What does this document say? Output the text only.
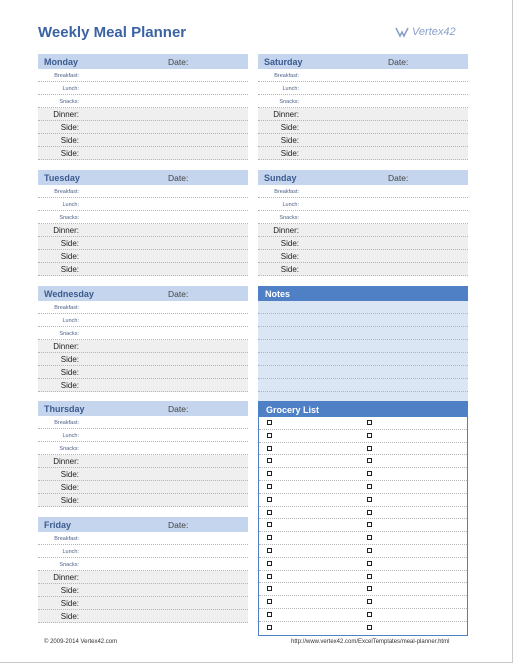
Weekly Meal Planner	Vertex42
Monday	Date:
Breakfast:
Lunch:
Snacks:
Dinner:
Side:
Side:
Side:
Saturday	Date:
Breakfast:
Lunch:
Snacks:
Dinner:
Side:
Side:
Side:
Tuesday	Date:
Breakfast:
Lunch:
Snacks:
Dinner:
Side:
Side:
Side:
Sunday	Date:
Breakfast:
Lunch:
Snacks:
Dinner:
Side:
Side:
Side:
Wednesday	Date:
Breakfast:
Lunch:
Snacks:
Dinner:
Side:
Side:
Side:
Notes
Thursday	Date:
Breakfast:
Lunch:
Snacks:
Dinner:
Side:
Side:
Side:
Grocery List
Friday	Date:
Breakfast:
Lunch:
Snacks:
Dinner:
Side:
Side:
Side:
© 2009-2014 Vertex42.com	http://www.vertex42.com/ExcelTemplates/meal-planner.html
